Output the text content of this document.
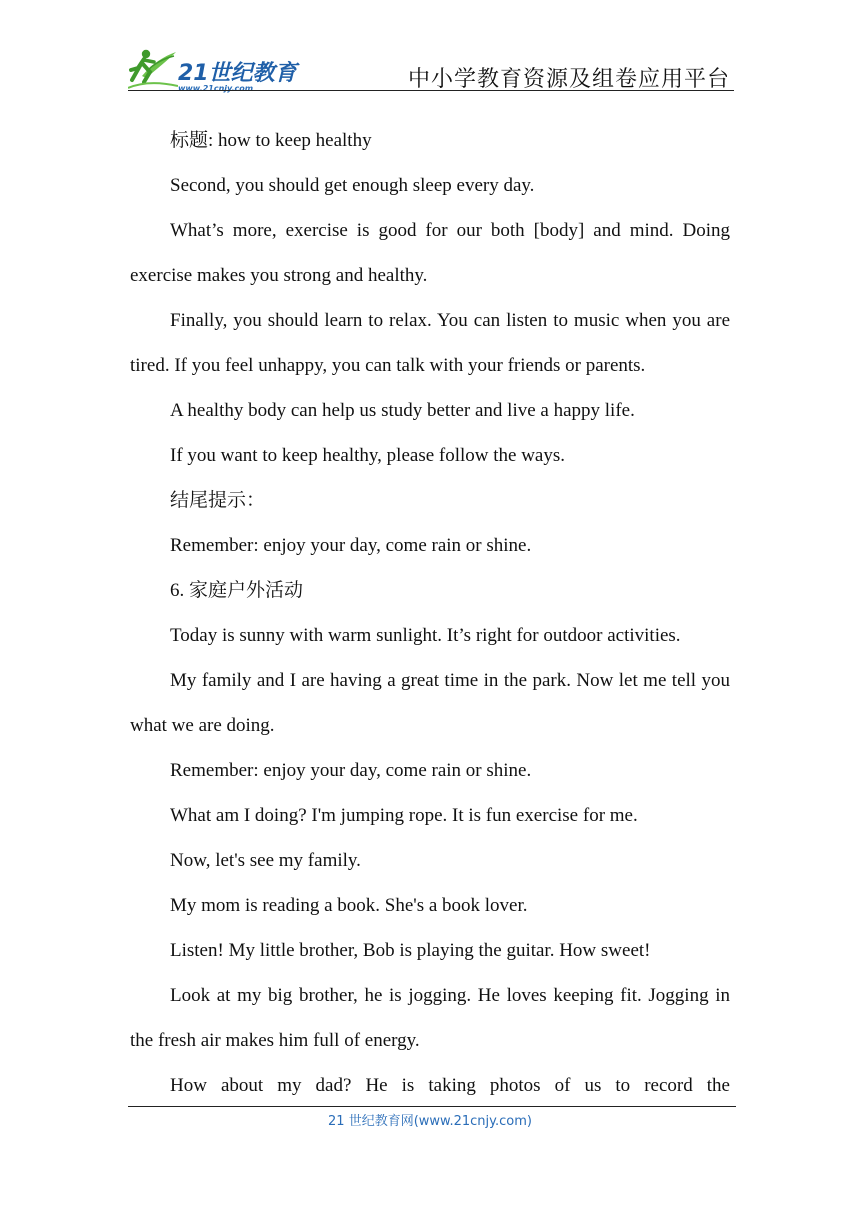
21世纪教育
www.21cnjy.com	中小学教育资源及组卷应用平台

标题: how to keep healthy

Second, you should get enough sleep every day.

What’s more, exercise is good for our both [body] and mind. Doing exercise makes you strong and healthy.

Finally, you should learn to relax. You can listen to music when you are tired. If you feel unhappy, you can talk with your friends or parents.

A healthy body can help us study better and live a happy life.

If you want to keep healthy, please follow the ways.

结尾提示：

Remember: enjoy your day, come rain or shine.

6. 家庭户外活动

Today is sunny with warm sunlight. It’s right for outdoor activities.

My family and I are having a great time in the park. Now let me tell you what we are doing.

Remember: enjoy your day, come rain or shine.

What am I doing? I'm jumping rope. It is fun exercise for me.

Now, let's see my family.

My mom is reading a book. She's a book lover.

Listen! My little brother, Bob is playing the guitar. How sweet!

Look at my big brother, he is jogging. He loves keeping fit. Jogging in the fresh air makes him full of energy.

How about my dad? He is taking photos of us to record the

21 世纪教育网(www.21cnjy.com)
